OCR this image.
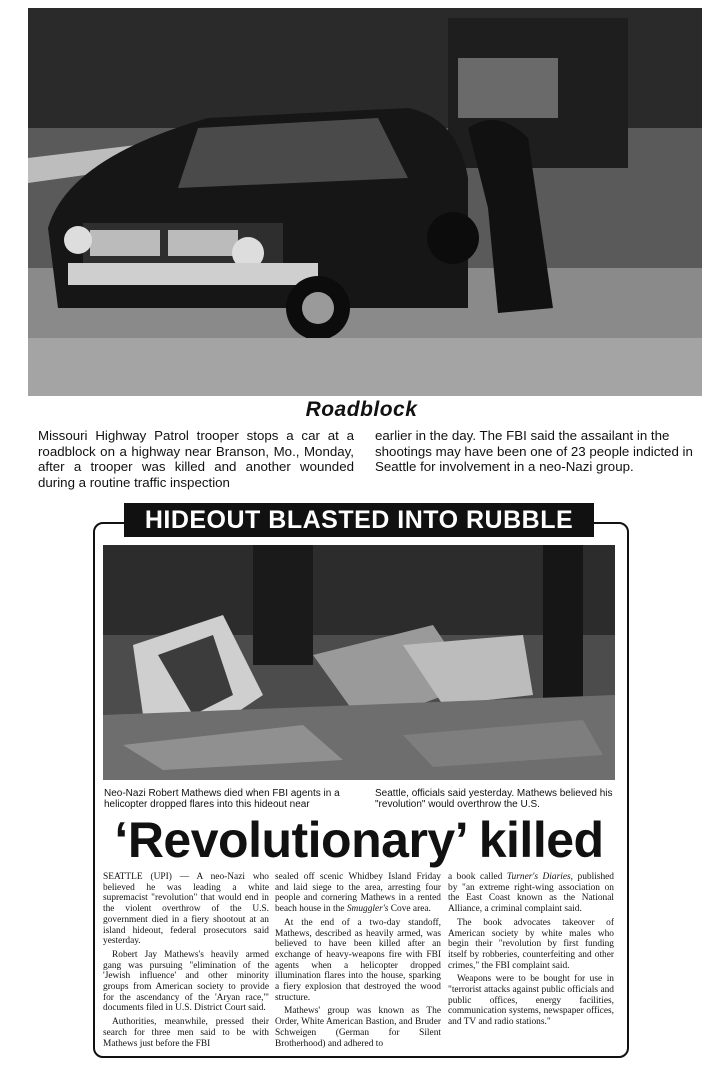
Roadblock
Missouri Highway Patrol trooper stops a car at a roadblock on a highway near Branson, Mo., Monday, after a trooper was killed and another wounded during a routine traffic inspection
earlier in the day. The FBI said the assailant in the shootings may have been one of 23 people indicted in Seattle for involvement in a neo-Nazi group.
HIDEOUT BLASTED INTO RUBBLE
Neo-Nazi Robert Mathews died when FBI agents in a helicopter dropped flares into this hideout near
Seattle, officials said yesterday. Mathews believed his "revolution" would overthrow the U.S.
‘Revolutionary’ killed

SEATTLE (UPI) — A neo-Nazi who believed he was leading a white supremacist "revolution" that would end in the violent overthrow of the U.S. government died in a fiery shootout at an island hideout, federal prosecutors said yesterday.

Robert Jay Mathews's heavily armed gang was pursuing "elimination of the 'Jewish influence' and other minority groups from American society to provide for the ascendancy of the 'Aryan race,'" documents filed in U.S. District Court said.

Authorities, meanwhile, pressed their search for three men said to be with Mathews just before the FBI

sealed off scenic Whidbey Island Friday and laid siege to the area, arresting four people and cornering Mathews in a rented beach house in the Smuggler's Cove area.

At the end of a two-day standoff, Mathews, described as heavily armed, was believed to have been killed after an exchange of heavy-weapons fire with FBI agents when a helicopter dropped illumination flares into the house, sparking a fiery explosion that destroyed the wood structure.

Mathews' group was known as The Order, White American Bastion, and Bruder Schweigen (German for Silent Brotherhood) and adhered to

a book called Turner's Diaries, published by "an extreme right-wing association on the East Coast known as the National Alliance, a criminal complaint said.

The book advocates takeover of American society by white males who begin their "revolution by first funding itself by robberies, counterfeiting and other crimes," the FBI complaint said.

Weapons were to be bought for use in "terrorist attacks against public officials and public offices, energy facilities, communication systems, newspaper offices, and TV and radio stations."
